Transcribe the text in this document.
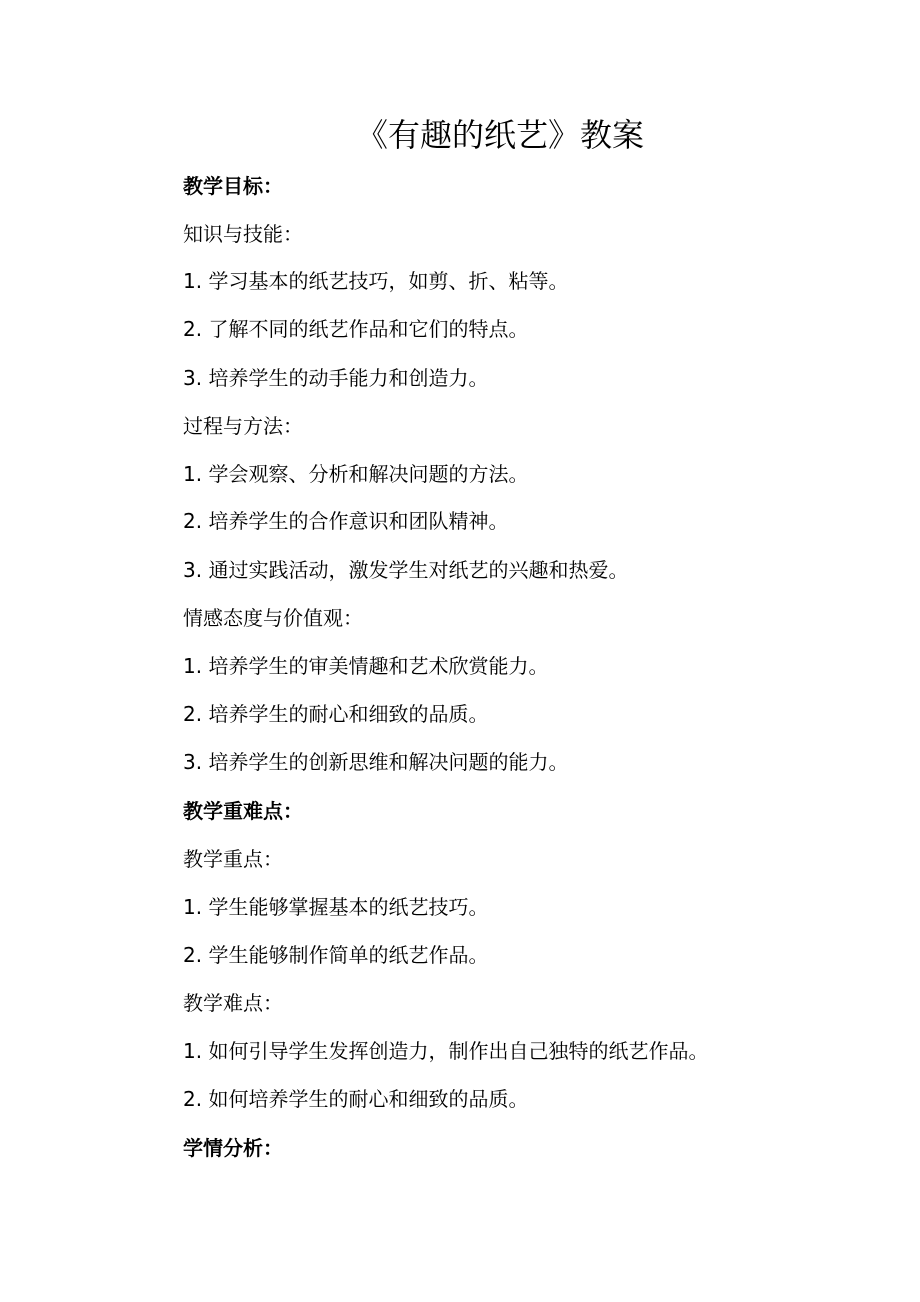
《有趣的纸艺》教案
教学目标：
知识与技能：
1. 学习基本的纸艺技巧，如剪、折、粘等。
2. 了解不同的纸艺作品和它们的特点。
3. 培养学生的动手能力和创造力。
过程与方法：
1. 学会观察、分析和解决问题的方法。
2. 培养学生的合作意识和团队精神。
3. 通过实践活动，激发学生对纸艺的兴趣和热爱。
情感态度与价值观：
1. 培养学生的审美情趣和艺术欣赏能力。
2. 培养学生的耐心和细致的品质。
3. 培养学生的创新思维和解决问题的能力。
教学重难点：
教学重点：
1. 学生能够掌握基本的纸艺技巧。
2. 学生能够制作简单的纸艺作品。
教学难点：
1. 如何引导学生发挥创造力，制作出自己独特的纸艺作品。
2. 如何培养学生的耐心和细致的品质。
学情分析：
